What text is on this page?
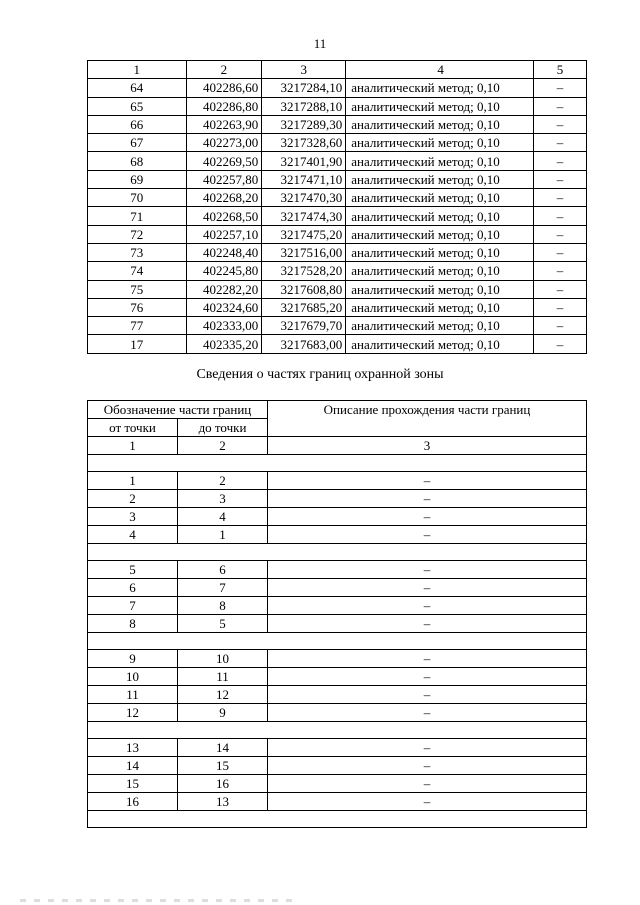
11
1	2	3	4	5
64	402286,60	3217284,10	аналитический метод; 0,10	–
65	402286,80	3217288,10	аналитический метод; 0,10	–
66	402263,90	3217289,30	аналитический метод; 0,10	–
67	402273,00	3217328,60	аналитический метод; 0,10	–
68	402269,50	3217401,90	аналитический метод; 0,10	–
69	402257,80	3217471,10	аналитический метод; 0,10	–
70	402268,20	3217470,30	аналитический метод; 0,10	–
71	402268,50	3217474,30	аналитический метод; 0,10	–
72	402257,10	3217475,20	аналитический метод; 0,10	–
73	402248,40	3217516,00	аналитический метод; 0,10	–
74	402245,80	3217528,20	аналитический метод; 0,10	–
75	402282,20	3217608,80	аналитический метод; 0,10	–
76	402324,60	3217685,20	аналитический метод; 0,10	–
77	402333,00	3217679,70	аналитический метод; 0,10	–
17	402335,20	3217683,00	аналитический метод; 0,10	–
Сведения о частях границ охранной зоны
Обозначение части границ		Описание прохождения части границ
от точки	до точки	
1	2	3

1	2	–
2	3	–
3	4	–
4	1	–

5	6	–
6	7	–
7	8	–
8	5	–

9	10	–
10	11	–
11	12	–
12	9	–

13	14	–
14	15	–
15	16	–
16	13	–
